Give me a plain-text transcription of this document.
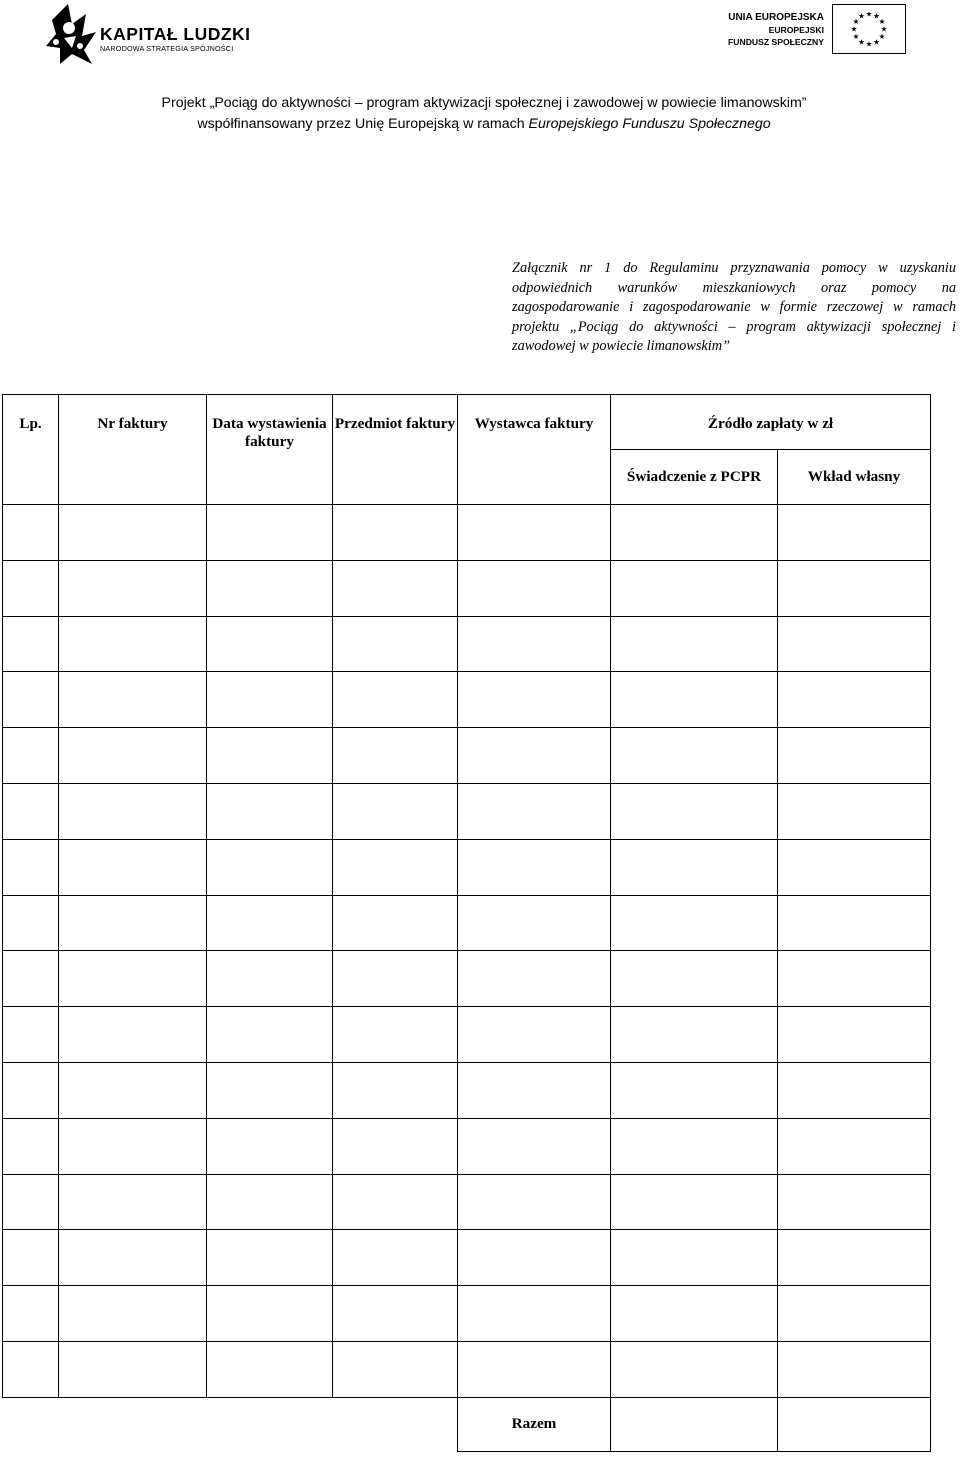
KAPITAŁ LUDZKI
NARODOWA STRATEGIA SPÓJNOŚCI
UNIA EUROPEJSKA
EUROPEJSKI
FUNDUSZ SPOŁECZNY
★ ★
★
★
★
★
★
★
★
★
★
★
Projekt „Pociąg do aktywności – program aktywizacji społecznej i zawodowej w powiecie limanowskim”
współfinansowany przez Unię Europejską w ramach Europejskiego Funduszu Społecznego
Załącznik nr 1 do Regulaminu przyznawania pomocy w uzyskaniu odpowiednich warunków mieszkaniowych oraz pomocy na zagospodarowanie i zagospodarowanie w formie rzeczowej w ramach projektu „Pociąg do aktywności – program aktywizacji społecznej i zawodowej w powiecie limanowskim”
Lp.	Nr faktury	Data wystawienia faktury	Przedmiot faktury	Wystawca faktury	Źródło zapłaty w zł	
					Świadczenie z PCPR	Wkład własny

				Razem		
